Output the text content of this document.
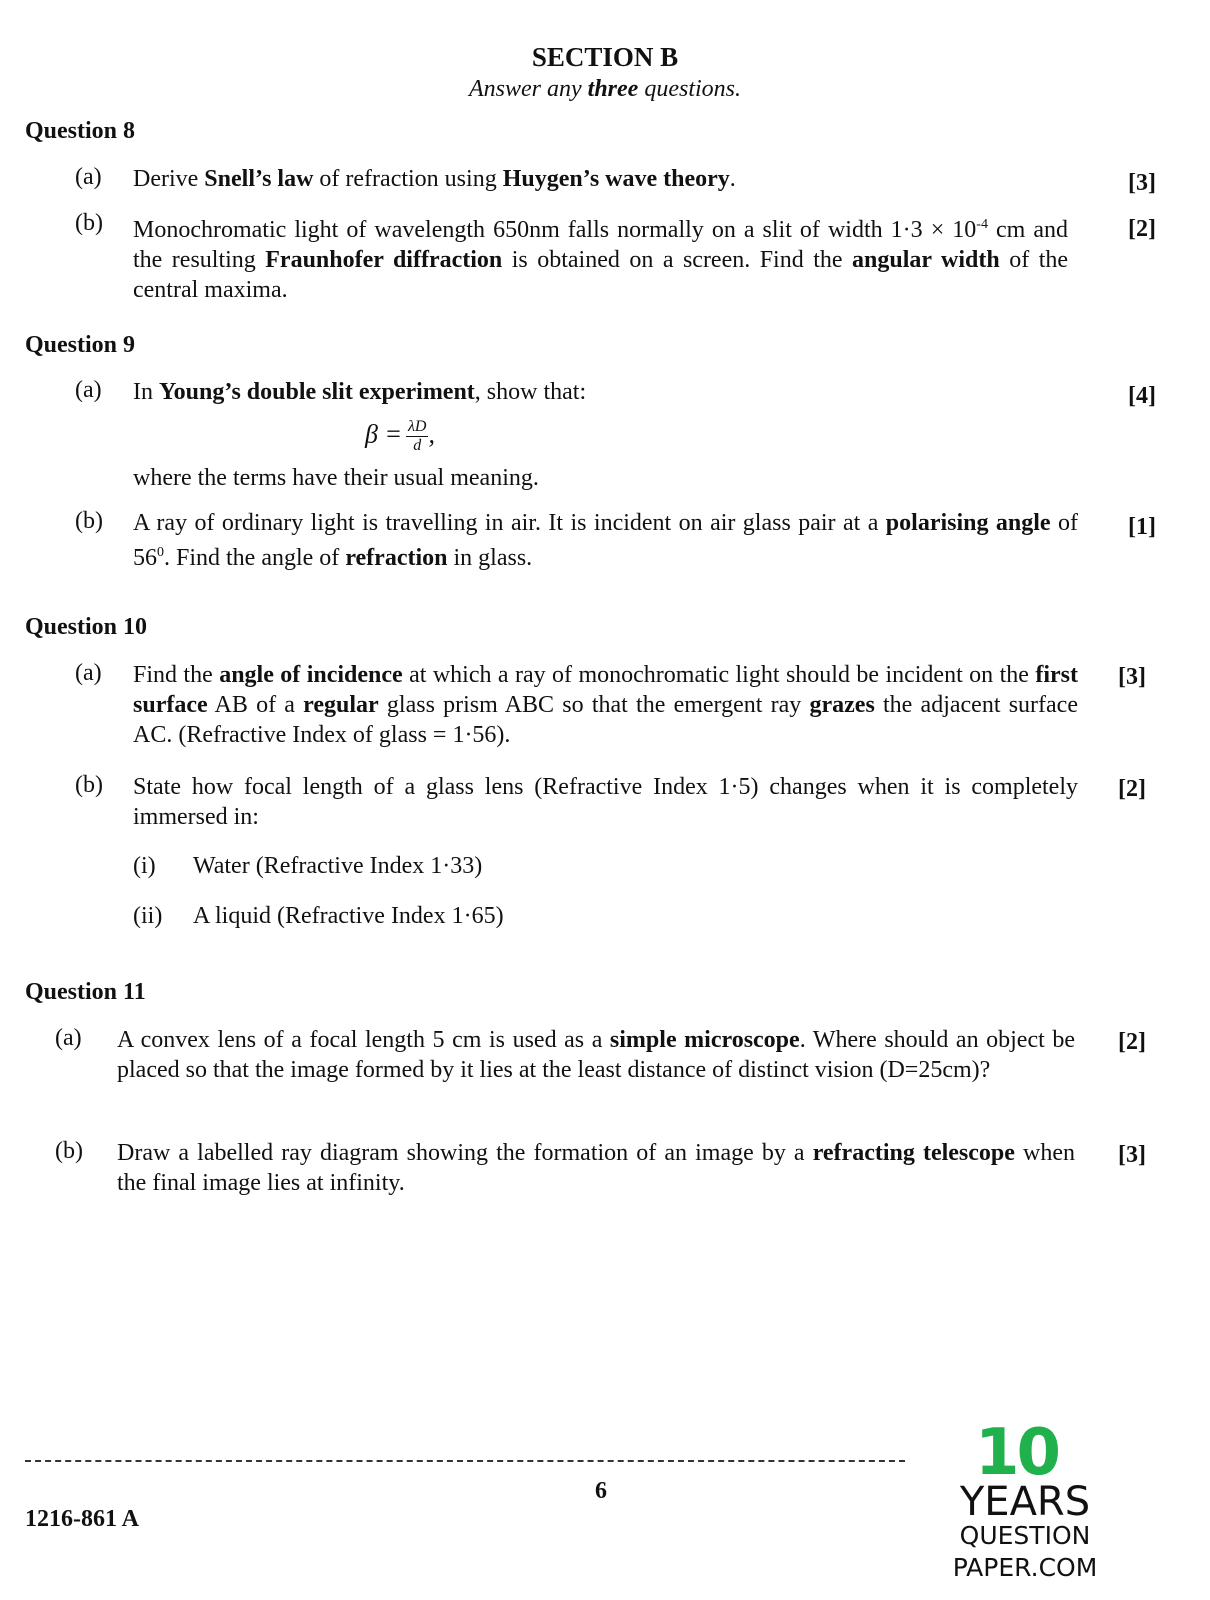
SECTION B
Answer any three questions.
Question 8
(a) Derive Snell’s law of refraction using Huygen’s wave theory.	[3]
(b) Monochromatic light of wavelength 650nm falls normally on a slit of width $1\cdot 3 \times 10^{-4}$ cm and the resulting Fraunhofer diffraction is obtained on a screen. Find the angular width of the central maxima.
[2]
Question 9
(a) In Young’s double slit experiment, show that:	[4]
$\beta = \frac{\lambda D}{d}$ ,
where the terms have their usual meaning.
(b) A ray of ordinary light is travelling in air. It is incident on air glass pair at a polarising angle of $56^0$. Find the angle of refraction in glass.
[1]
Question 10
(a) Find the angle of incidence at which a ray of monochromatic light should be incident on the first surface AB of a regular glass prism ABC so that the emergent ray grazes the adjacent surface AC. (Refractive Index of glass = 1·56).
[3]
(b) State how focal length of a glass lens (Refractive Index 1·5) changes when it is completely immersed in:
[2]
(i) Water (Refractive Index 1·33)
(ii) A liquid (Refractive Index 1·65)
Question 11
(a) A convex lens of a focal length 5 cm is used as a simple microscope. Where should an object be placed so that the image formed by it lies at the least distance of distinct vision (D=25cm)?
[2]
(b) Draw a labelled ray diagram showing the formation of an image by a refracting telescope when the final image lies at infinity.
[3]
6
1216-861 A
10
YEARS
QUESTION PAPER.COM
